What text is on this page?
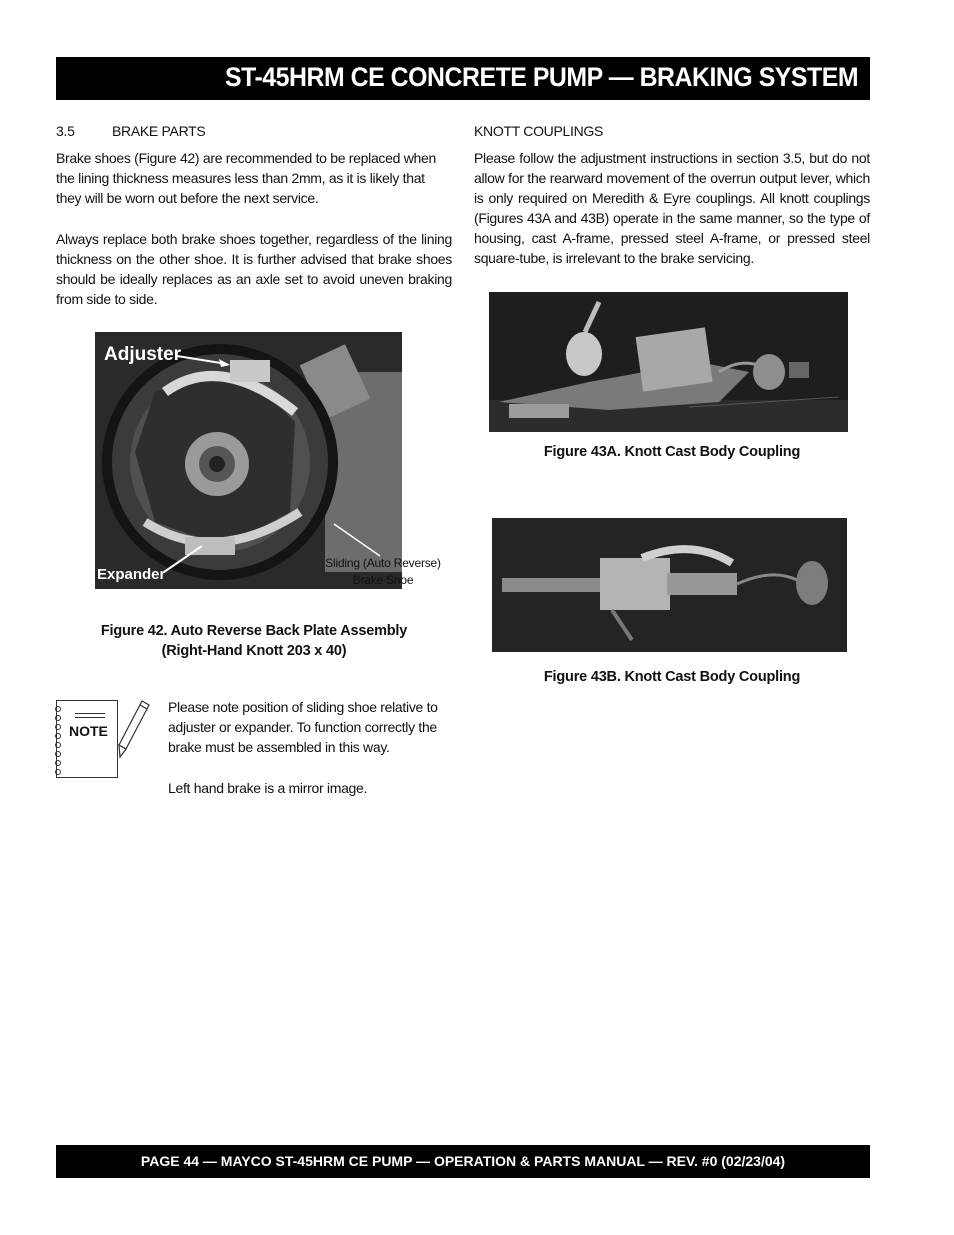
ST-45HRM CE CONCRETE PUMP — BRAKING SYSTEM
3.5	BRAKE PARTS
Brake shoes (Figure 42) are recommended to be replaced when the lining thickness measures less than 2mm, as it is likely that they will be worn out before the next service.
Always replace both brake shoes together, regardless of the lining thickness on the other shoe. It is further advised that brake shoes should be ideally replaces as an axle set to avoid uneven braking from side to side.
Adjuster
Expander
Sliding (Auto Reverse)
Brake Shoe
Figure 42. Auto Reverse Back Plate Assembly
(Right-Hand Knott 203 x 40)
NOTE
Please note position of sliding shoe relative to adjuster or expander. To function correctly the brake must be assembled in this way.
Left hand brake is a mirror image.
KNOTT COUPLINGS
Please follow the adjustment instructions in section 3.5, but do not allow for the rearward movement of the overrun output lever, which is only required on Meredith & Eyre couplings. All knott couplings (Figures 43A and 43B) operate in the same manner, so the type of housing, cast A-frame, pressed steel A-frame, or pressed steel square-tube, is irrelevant to the brake servicing.
Figure 43A. Knott Cast Body Coupling
Figure 43B. Knott Cast Body Coupling
PAGE 44 — MAYCO ST-45HRM CE PUMP — OPERATION & PARTS MANUAL — REV. #0 (02/23/04)
